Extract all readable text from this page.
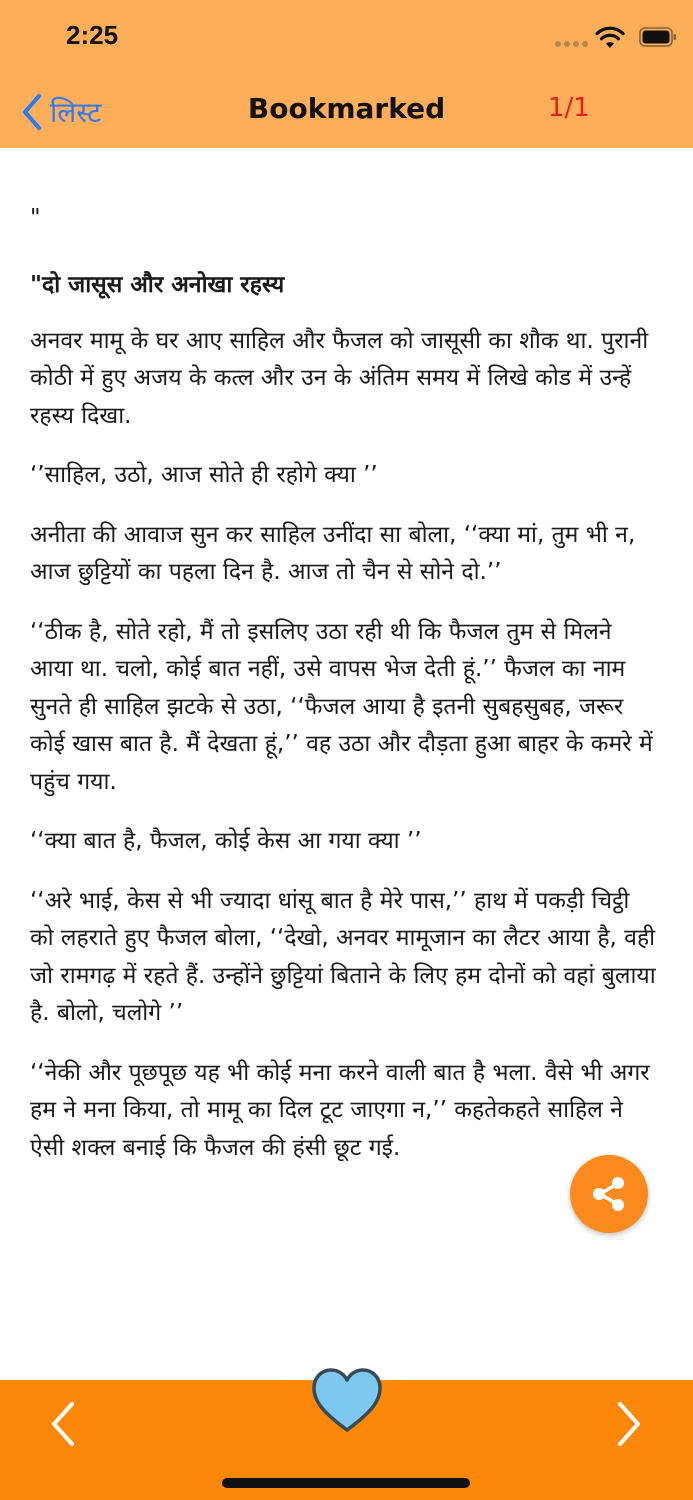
2:25
लिस्ट	Bookmarked	1/1

"

"दो जासूस और अनोखा रहस्य

अनवर मामू के घर आए साहिल और फैजल को जासूसी का शौक था. पुरानी कोठी में हुए अजय के कत्ल और उन के अंतिम समय में लिखे कोड में उन्हें रहस्य दिखा.

‘’साहिल, उठो, आज सोते ही रहोगे क्या ’’

अनीता की आवाज सुन कर साहिल उनींदा सा बोला, ‘‘क्या मां, तुम भी न, आज छुट्टियों का पहला दिन है. आज तो चैन से सोने दो.’’

‘‘ठीक है, सोते रहो, मैं तो इसलिए उठा रही थी कि फैजल तुम से मिलने आया था. चलो, कोई बात नहीं, उसे वापस भेज देती हूं.’’ फैजल का नाम सुनते ही साहिल झटके से उठा, ‘‘फैजल आया है इतनी सुबहसुबह, जरूर कोई खास बात है. मैं देखता हूं,’’ वह उठा और दौड़ता हुआ बाहर के कमरे में पहुंच गया.

‘‘क्या बात है, फैजल, कोई केस आ गया क्या ’’

‘‘अरे भाई, केस से भी ज्यादा धांसू बात है मेरे पास,’’ हाथ में पकड़ी चिट्ठी को लहराते हुए फैजल बोला, ‘‘देखो, अनवर मामूजान का लैटर आया है, वही जो रामगढ़ में रहते हैं. उन्होंने छुट्टियां बिताने के लिए हम दोनों को वहां बुलाया है. बोलो, चलोगे ’’

‘‘नेकी और पूछपूछ यह भी कोई मना करने वाली बात है भला. वैसे भी अगर हम ने मना किया, तो मामू का दिल टूट जाएगा न,’’ कहतेकहते साहिल ने ऐसी शक्ल बनाई कि फैजल की हंसी छूट गई.
